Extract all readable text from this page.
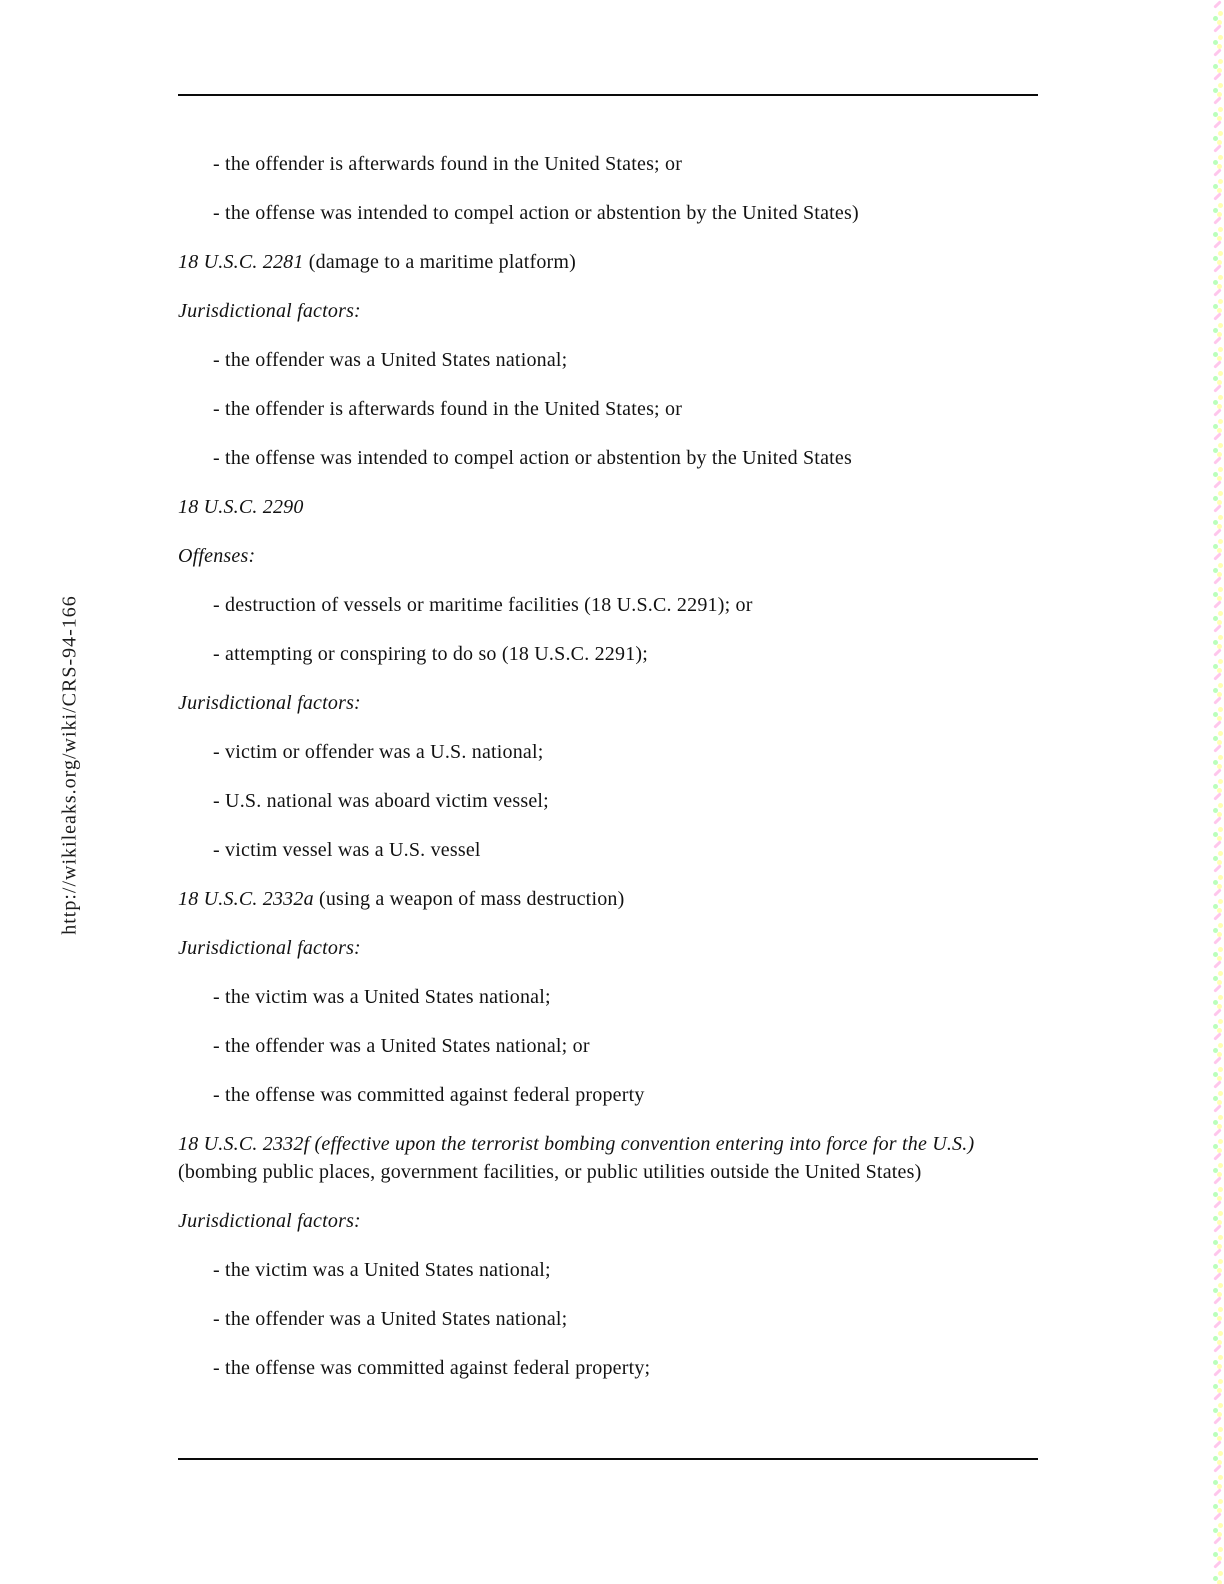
http://wikileaks.org/wiki/CRS-94-166

- the offender is afterwards found in the United States; or

- the offense was intended to compel action or abstention by the United States)

18 U.S.C. 2281 (damage to a maritime platform)

Jurisdictional factors:

- the offender was a United States national;

- the offender is afterwards found in the United States; or

- the offense was intended to compel action or abstention by the United States

18 U.S.C. 2290

Offenses:

- destruction of vessels or maritime facilities (18 U.S.C. 2291); or

- attempting or conspiring to do so (18 U.S.C. 2291);

Jurisdictional factors:

- victim or offender was a U.S. national;

- U.S. national was aboard victim vessel;

- victim vessel was a U.S. vessel

18 U.S.C. 2332a (using a weapon of mass destruction)

Jurisdictional factors:

- the victim was a United States national;

- the offender was a United States national; or

- the offense was committed against federal property

18 U.S.C. 2332f (effective upon the terrorist bombing convention entering into force for the U.S.)
(bombing public places, government facilities, or public utilities outside the United States)

Jurisdictional factors:

- the victim was a United States national;

- the offender was a United States national;

- the offense was committed against federal property;
